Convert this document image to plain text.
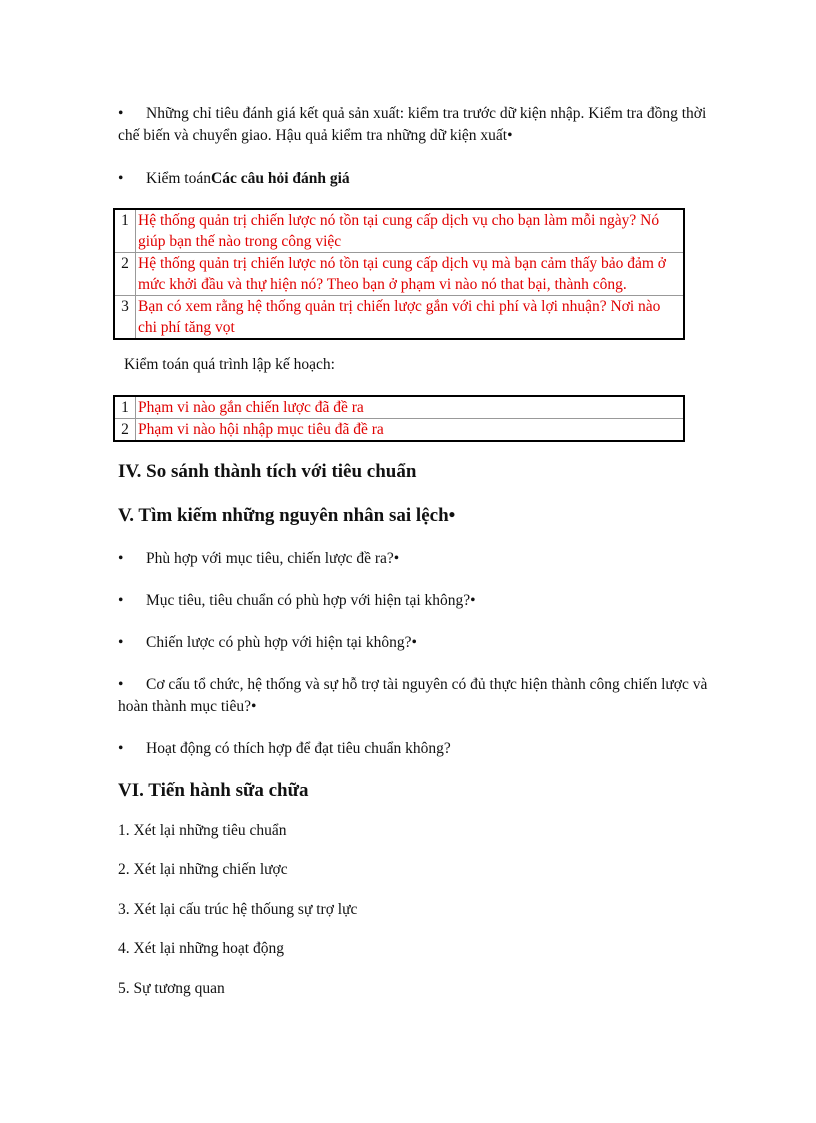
• Những chỉ tiêu đánh giá kết quả sản xuất: kiểm tra trước dữ kiện nhập. Kiểm tra đồng thời chế biến và chuyển giao. Hậu quả kiểm tra những dữ kiện xuất•
• Kiểm toánCác câu hỏi đánh giá
1	Hệ thống quản trị chiến lược nó tồn tại cung cấp dịch vụ cho bạn làm mỗi ngày? Nó giúp bạn thế nào trong công việc
2	Hệ thống quản trị chiến lược nó tồn tại cung cấp dịch vụ mà bạn cảm thấy bảo đảm ở mức khởi đầu và thự hiện nó? Theo bạn ở phạm vi nào nó that bại, thành công.
3	Bạn có xem rằng hệ thống quản trị chiến lược gắn với chi phí và lợi nhuận? Nơi nào chi phí tăng vọt
Kiểm toán quá trình lập kế hoạch:
1	Phạm vi nào gắn chiến lược đã đề ra
2	Phạm vi nào hội nhập mục tiêu đã đề ra
IV. So sánh thành tích với tiêu chuẩn
V. Tìm kiếm những nguyên nhân sai lệch•
• Phù hợp với mục tiêu, chiến lược đề ra?•
• Mục tiêu, tiêu chuẩn có phù hợp với hiện tại không?•
• Chiến lược có phù hợp với hiện tại không?•
• Cơ cấu tổ chức, hệ thống và sự hỗ trợ tài nguyên có đủ thực hiện thành công chiến lược và hoàn thành mục tiêu?•
• Hoạt động có thích hợp để đạt tiêu chuẩn không?
VI. Tiến hành sữa chữa
1. Xét lại những tiêu chuẩn
2. Xét lại những chiến lược
3. Xét lại cấu trúc hệ thốung sự trợ lực
4. Xét lại những hoạt động
5. Sự tương quan
